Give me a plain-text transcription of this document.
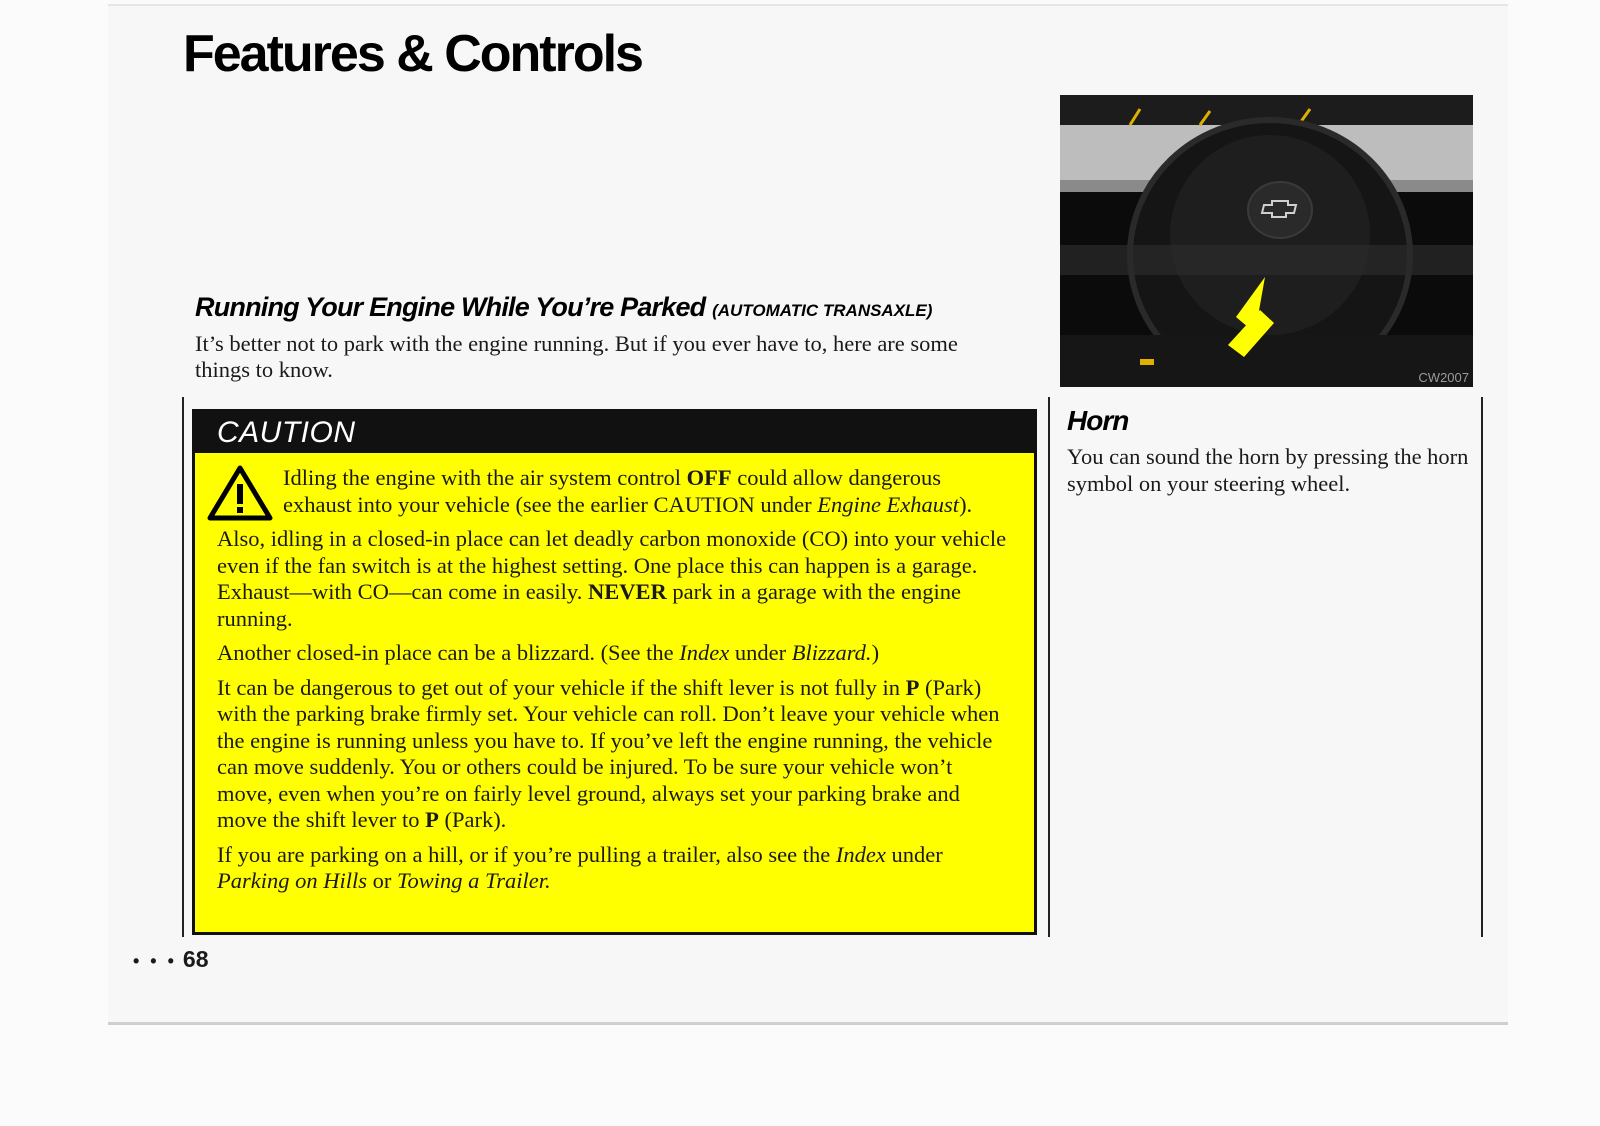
Features & Controls
Running Your Engine While You’re Parked (AUTOMATIC TRANSAXLE)

It’s better not to park with the engine running. But if you ever have to, here are some things to know.

CAUTION

Idling the engine with the air system control OFF could allow dangerous exhaust into your vehicle (see the earlier CAUTION under Engine Exhaust).

Also, idling in a closed-in place can let deadly carbon monoxide (CO) into your vehicle even if the fan switch is at the highest setting. One place this can happen is a garage. Exhaust—with CO—can come in easily. NEVER park in a garage with the engine running.

Another closed-in place can be a blizzard. (See the Index under Blizzard.)

It can be dangerous to get out of your vehicle if the shift lever is not fully in P (Park) with the parking brake firmly set. Your vehicle can roll. Don’t leave your vehicle when the engine is running unless you have to. If you’ve left the engine running, the vehicle can move suddenly. You or others could be injured. To be sure your vehicle won’t move, even when you’re on fairly level ground, always set your parking brake and move the shift lever to P (Park).

If you are parking on a hill, or if you’re pulling a trailer, also see the Index under Parking on Hills or Towing a Trailer.

CW2007
Horn

You can sound the horn by pressing the horn symbol on your steering wheel.

• • • 68
